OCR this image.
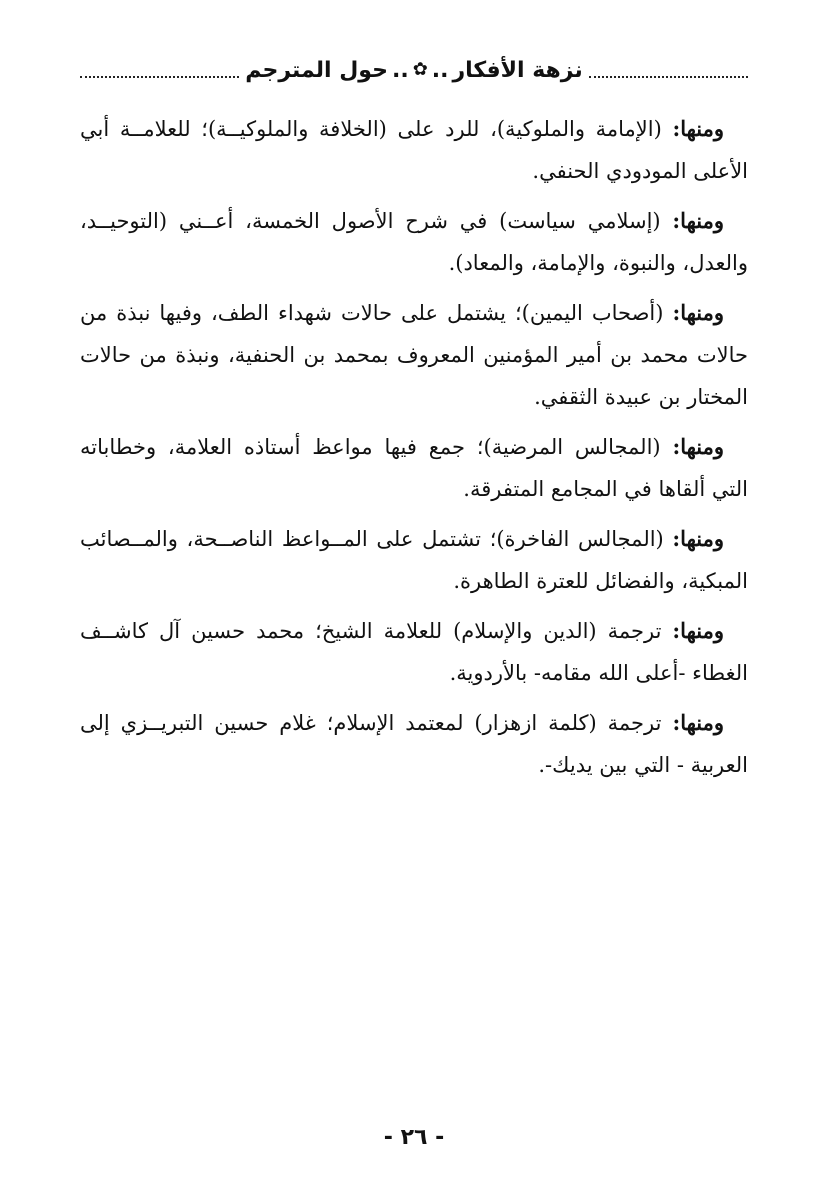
نزهة الأفكار
..
✿
..
حول المترجم

ومنها: (الإمامة والملوكية)، للرد على (الخلافة والملوكيــة)؛ للعلامــة أبي الأعلى المودودي الحنفي.

ومنها: (إسلامي سياست) في شرح الأصول الخمسة، أعــني (التوحيــد، والعدل، والنبوة، والإمامة، والمعاد).

ومنها: (أصحاب اليمين)؛ يشتمل على حالات شهداء الطف، وفيها نبذة من حالات محمد بن أمير المؤمنين المعروف بمحمد بن الحنفية، ونبذة من حالات المختار بن عبيدة الثقفي.

ومنها: (المجالس المرضية)؛ جمع فيها مواعظ أستاذه العلامة، وخطاباته التي ألقاها في المجامع المتفرقة.

ومنها: (المجالس الفاخرة)؛ تشتمل على المــواعظ الناصــحة، والمــصائب المبكية، والفضائل للعترة الطاهرة.

ومنها: ترجمة (الدين والإسلام) للعلامة الشيخ؛ محمد حسين آل كاشــف الغطاء -أعلى الله مقامه- بالأردوية.

ومنها: ترجمة (كلمة ازهزار) لمعتمد الإسلام؛ غلام حسين التبريــزي إلى العربية - التي بين يديك-.

- ٢٦ -
